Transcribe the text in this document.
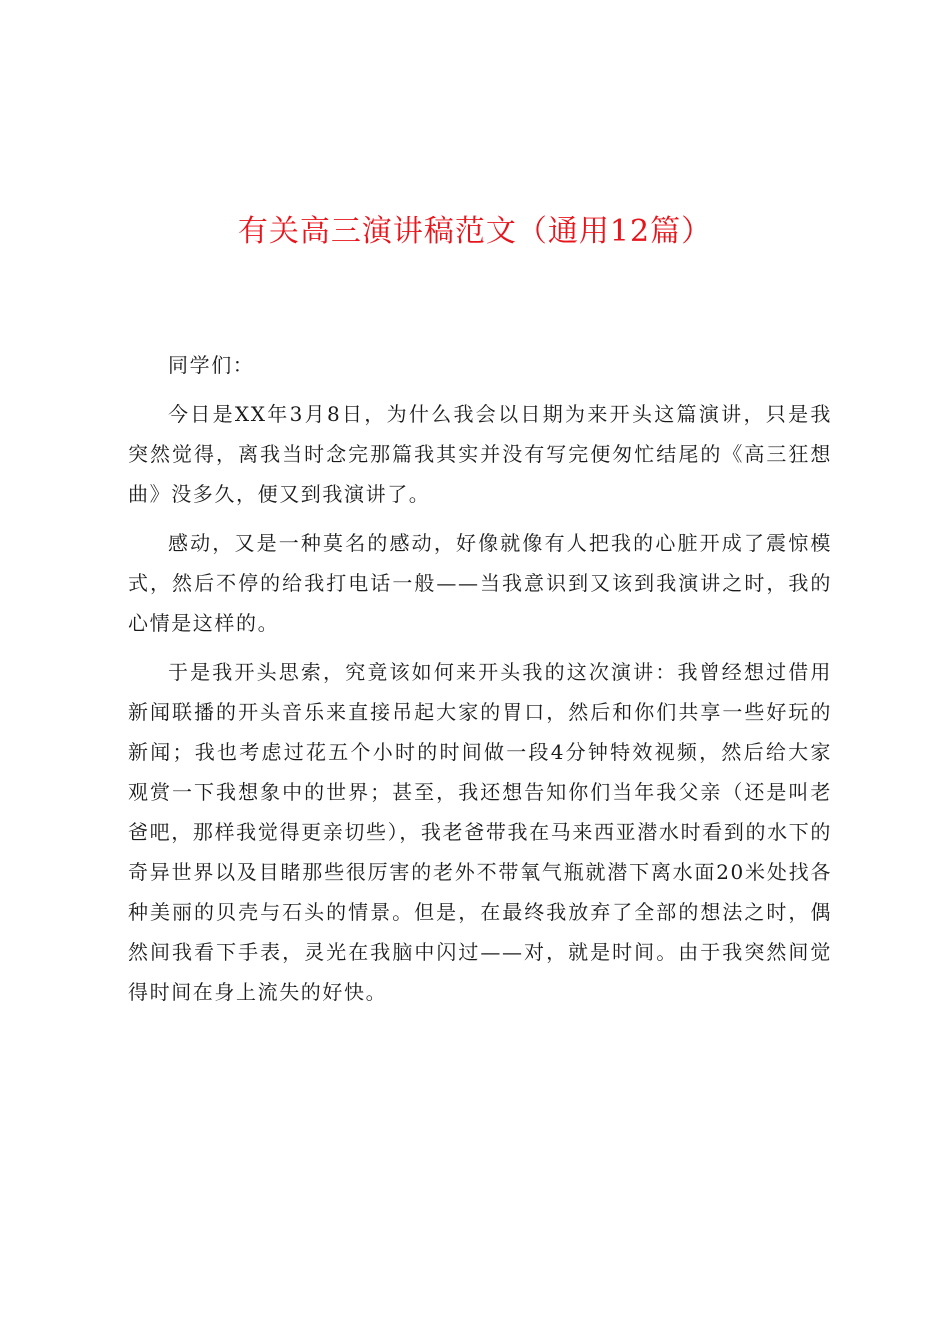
有关高三演讲稿范文（通用12篇）

同学们：

今日是XX年3月8日，为什么我会以日期为来开头这篇演讲，只是我突然觉得，离我当时念完那篇我其实并没有写完便匆忙结尾的《高三狂想曲》没多久，便又到我演讲了。

感动，又是一种莫名的感动，好像就像有人把我的心脏开成了震惊模式，然后不停的给我打电话一般——当我意识到又该到我演讲之时，我的心情是这样的。

于是我开头思索，究竟该如何来开头我的这次演讲：我曾经想过借用新闻联播的开头音乐来直接吊起大家的胃口，然后和你们共享一些好玩的新闻；我也考虑过花五个小时的时间做一段4分钟特效视频，然后给大家观赏一下我想象中的世界；甚至，我还想告知你们当年我父亲（还是叫老爸吧，那样我觉得更亲切些），我老爸带我在马来西亚潜水时看到的水下的奇异世界以及目睹那些很厉害的老外不带氧气瓶就潜下离水面20米处找各种美丽的贝壳与石头的情景。但是，在最终我放弃了全部的想法之时，偶然间我看下手表，灵光在我脑中闪过——对，就是时间。由于我突然间觉得时间在身上流失的好快。
